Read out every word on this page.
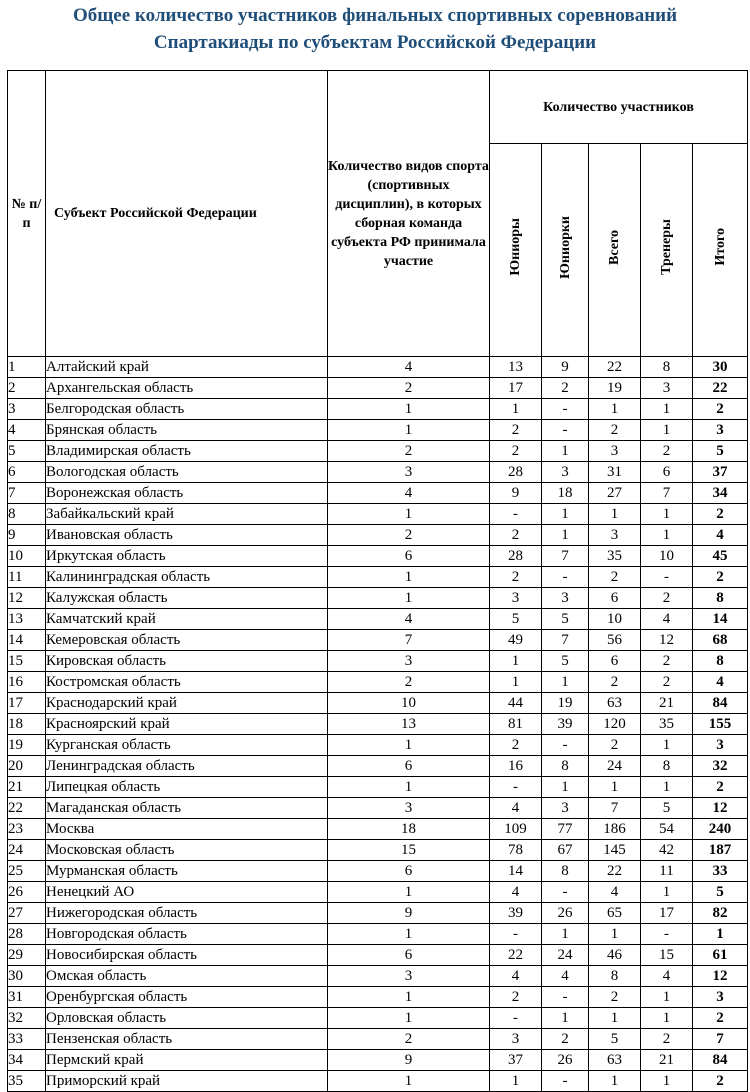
Общее количество участников финальных спортивных соревнований
Спартакиады по субъектам Российской Федерации
№ п/п	Субъект Российской Федерации	Количество видов спорта (спортивных дисциплин), в которых сборная команда субъекта РФ принимала участие	Количество участников				
			Юниоры	Юниорки	Всего	Тренеры	Итого
1	Алтайский край	4	13	9	22	8	30
2	Архангельская область	2	17	2	19	3	22
3	Белгородская область	1	1	-	1	1	2
4	Брянская область	1	2	-	2	1	3
5	Владимирская область	2	2	1	3	2	5
6	Вологодская область	3	28	3	31	6	37
7	Воронежская область	4	9	18	27	7	34
8	Забайкальский край	1	-	1	1	1	2
9	Ивановская область	2	2	1	3	1	4
10	Иркутская область	6	28	7	35	10	45
11	Калининградская область	1	2	-	2	-	2
12	Калужская область	1	3	3	6	2	8
13	Камчатский край	4	5	5	10	4	14
14	Кемеровская область	7	49	7	56	12	68
15	Кировская область	3	1	5	6	2	8
16	Костромская область	2	1	1	2	2	4
17	Краснодарский край	10	44	19	63	21	84
18	Красноярский край	13	81	39	120	35	155
19	Курганская область	1	2	-	2	1	3
20	Ленинградская область	6	16	8	24	8	32
21	Липецкая область	1	-	1	1	1	2
22	Магаданская область	3	4	3	7	5	12
23	Москва	18	109	77	186	54	240
24	Московская область	15	78	67	145	42	187
25	Мурманская область	6	14	8	22	11	33
26	Ненецкий АО	1	4	-	4	1	5
27	Нижегородская область	9	39	26	65	17	82
28	Новгородская область	1	-	1	1	-	1
29	Новосибирская область	6	22	24	46	15	61
30	Омская область	3	4	4	8	4	12
31	Оренбургская область	1	2	-	2	1	3
32	Орловская область	1	-	1	1	1	2
33	Пензенская область	2	3	2	5	2	7
34	Пермский край	9	37	26	63	21	84
35	Приморский край	1	1	-	1	1	2
